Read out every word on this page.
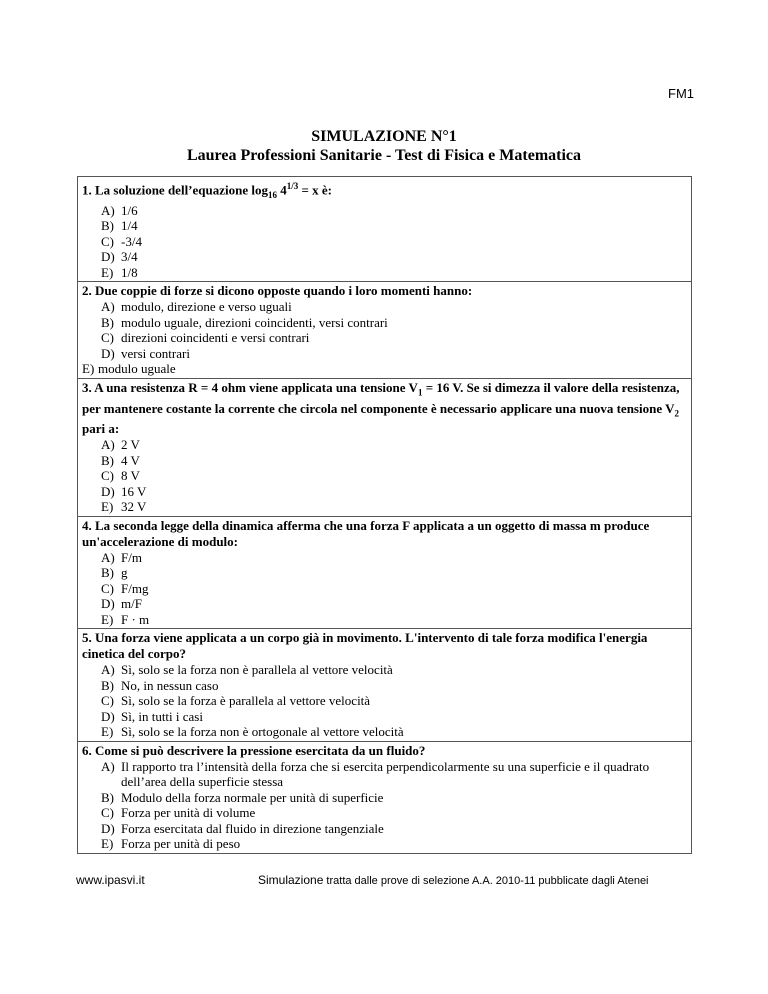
FM1
SIMULAZIONE N°1
Laurea Professioni Sanitarie - Test di Fisica e Matematica
1. La soluzione dell’equazione $\log_{16} 4^{1/3} = x$ è:
A) 1/6
B) 1/4
C) -3/4
D) 3/4
E) 1/8
2. Due coppie di forze si dicono opposte quando i loro momenti hanno:
A) modulo, direzione e verso uguali
B) modulo uguale, direzioni coincidenti, versi contrari
C) direzioni coincidenti e versi contrari
D) versi contrari
E) modulo uguale
3. A una resistenza R = 4 ohm viene applicata una tensione $V_1 = 16$ V. Se si dimezza il valore della resistenza, per mantenere costante la corrente che circola nel componente è necessario applicare una nuova tensione $V_2$ pari a:
A) 2 V
B) 4 V
C) 8 V
D) 16 V
E) 32 V
4. La seconda legge della dinamica afferma che una forza F applicata a un oggetto di massa m produce un'accelerazione di modulo:
A) F/m
B) g
C) F/mg
D) m/F
E) F · m
5. Una forza viene applicata a un corpo già in movimento. L'intervento di tale forza modifica l'energia cinetica del corpo?
A) Sì, solo se la forza non è parallela al vettore velocità
B) No, in nessun caso
C) Sì, solo se la forza è parallela al vettore velocità
D) Sì, in tutti i casi
E) Sì, solo se la forza non è ortogonale al vettore velocità
6. Come si può descrivere la pressione esercitata da un fluido?
A) Il rapporto tra l’intensità della forza che si esercita perpendicolarmente su una superficie e il quadrato dell’area della superficie stessa
B) Modulo della forza normale per unità di superficie
C) Forza per unità di volume
D) Forza esercitata dal fluido in direzione tangenziale
E) Forza per unità di peso
www.ipasvi.it	Simulazione tratta dalle prove di selezione A.A. 2010-11 pubblicate dagli Atenei
